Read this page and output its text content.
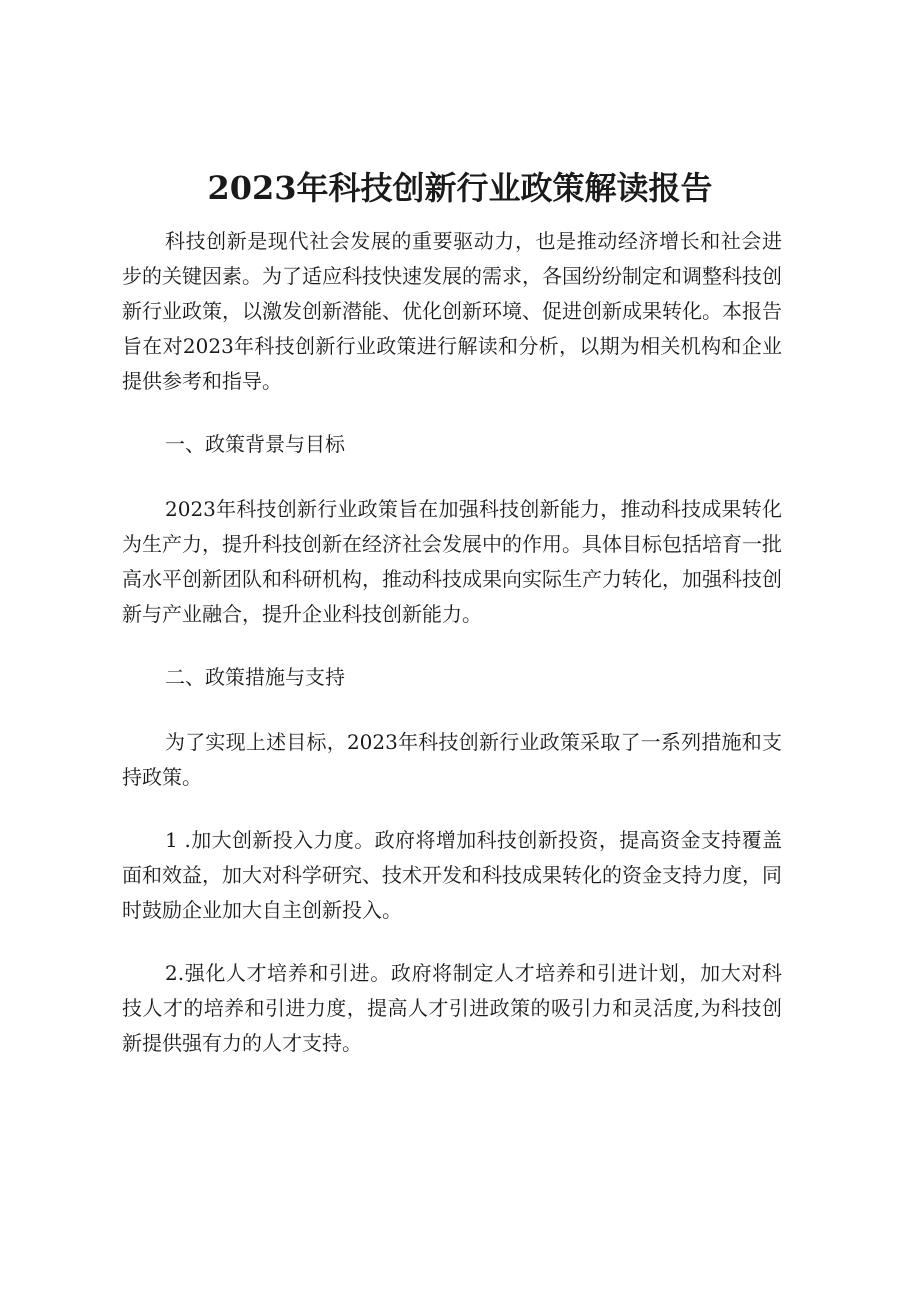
2023年科技创新行业政策解读报告

科技创新是现代社会发展的重要驱动力，也是推动经济增长和社会进步的关键因素。为了适应科技快速发展的需求，各国纷纷制定和调整科技创新行业政策，以激发创新潜能、优化创新环境、促进创新成果转化。本报告旨在对2023年科技创新行业政策进行解读和分析，以期为相关机构和企业提供参考和指导。

一、政策背景与目标

2023年科技创新行业政策旨在加强科技创新能力，推动科技成果转化为生产力，提升科技创新在经济社会发展中的作用。具体目标包括培育一批高水平创新团队和科研机构，推动科技成果向实际生产力转化，加强科技创新与产业融合，提升企业科技创新能力。

二、政策措施与支持

为了实现上述目标，2023年科技创新行业政策采取了一系列措施和支持政策。

1 .加大创新投入力度。政府将增加科技创新投资，提高资金支持覆盖面和效益，加大对科学研究、技术开发和科技成果转化的资金支持力度，同时鼓励企业加大自主创新投入。

2.强化人才培养和引进。政府将制定人才培养和引进计划，加大对科技人才的培养和引进力度，提高人才引进政策的吸引力和灵活度,为科技创新提供强有力的人才支持。
